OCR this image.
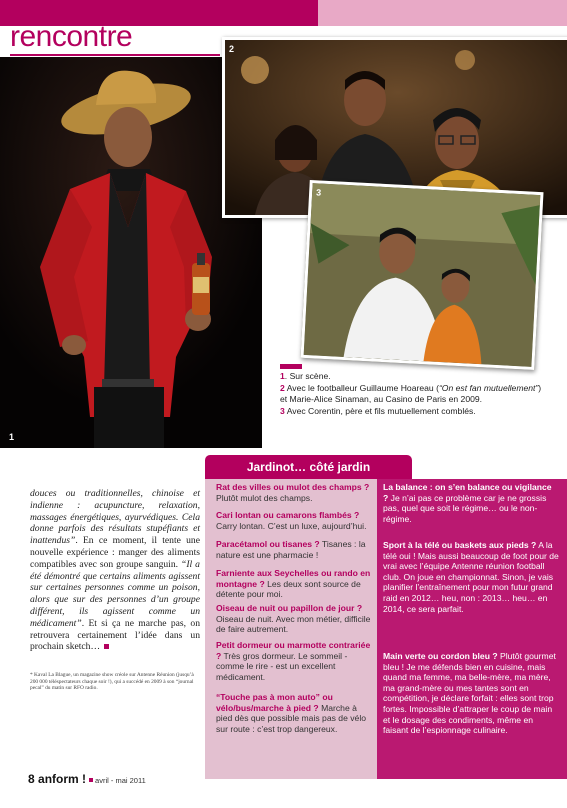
rencontre
1
2
3

1. Sur scène.

2 Avec le footballeur Guillaume Hoareau (“On est fan mutuellement”) et Marie-Alice Sinaman, au Casino de Paris en 2009.

3 Avec Corentin, père et fils mutuellement comblés.

douces ou traditionnelles, chinoise et indienne : acupuncture, relaxation, massages énergétiques, ayurvédiques. Cela donne parfois des résultats stupéfiants et inattendus”. En ce moment, il tente une nouvelle expérience : manger des aliments compatibles avec son groupe sanguin. “Il a été démontré que certains aliments agissent sur certaines personnes comme un poison, alors que sur des personnes d’un groupe différent, ils agissent comme un médicament”. Et si ça ne marche pas, on retrouvera certainement l’idée dans un prochain sketch…
* Kaval La Blague, un magazine show créole sur Antenne Réunion (jusqu’à 200 000 téléspectateurs chaque soir !), qui a succédé en 2009 à son “journal pecal” du matin sur RFO radio.
Jardinot… côté jardin
Rat des villes ou mulot des champs ? Plutôt mulot des champs.
Cari lontan ou camarons flambés ? Carry lontan. C’est un luxe, aujourd’hui.
Paracétamol ou tisanes ? Tisanes : la nature est une pharmacie !
Farniente aux Seychelles ou rando en montagne ? Les deux sont source de détente pour moi.
Oiseau de nuit ou papillon de jour ? Oiseau de nuit. Avec mon métier, difficile de faire autrement.
Petit dormeur ou marmotte contrariée ? Très gros dormeur. Le sommeil - comme le rire - est un excellent médicament.
“Touche pas à mon auto” ou vélo/bus/marche à pied ? Marche à pied dès que possible mais pas de vélo sur route : c’est trop dangereux.
La balance : on s’en balance ou vigilance ? Je n’ai pas ce problème car je ne grossis pas, quel que soit le régime… ou le non-régime.
Sport à la télé ou baskets aux pieds ? A la télé oui ! Mais aussi beaucoup de foot pour de vrai avec l’équipe Antenne réunion football club. On joue en championnat. Sinon, je vais planifier l’entraînement pour mon futur grand raid en 2012… heu, non : 2013… heu… en 2014, ce sera parfait.
Main verte ou cordon bleu ? Plutôt gourmet bleu ! Je me défends bien en cuisine, mais quand ma femme, ma belle-mère, ma mère, ma grand-mère ou mes tantes sont en compétition, je déclare forfait : elles sont trop fortes. Impossible d’attraper le coup de main et le dosage des condiments, même en faisant de l’espionnage culinaire.
8 anform ! avril - mai 2011
